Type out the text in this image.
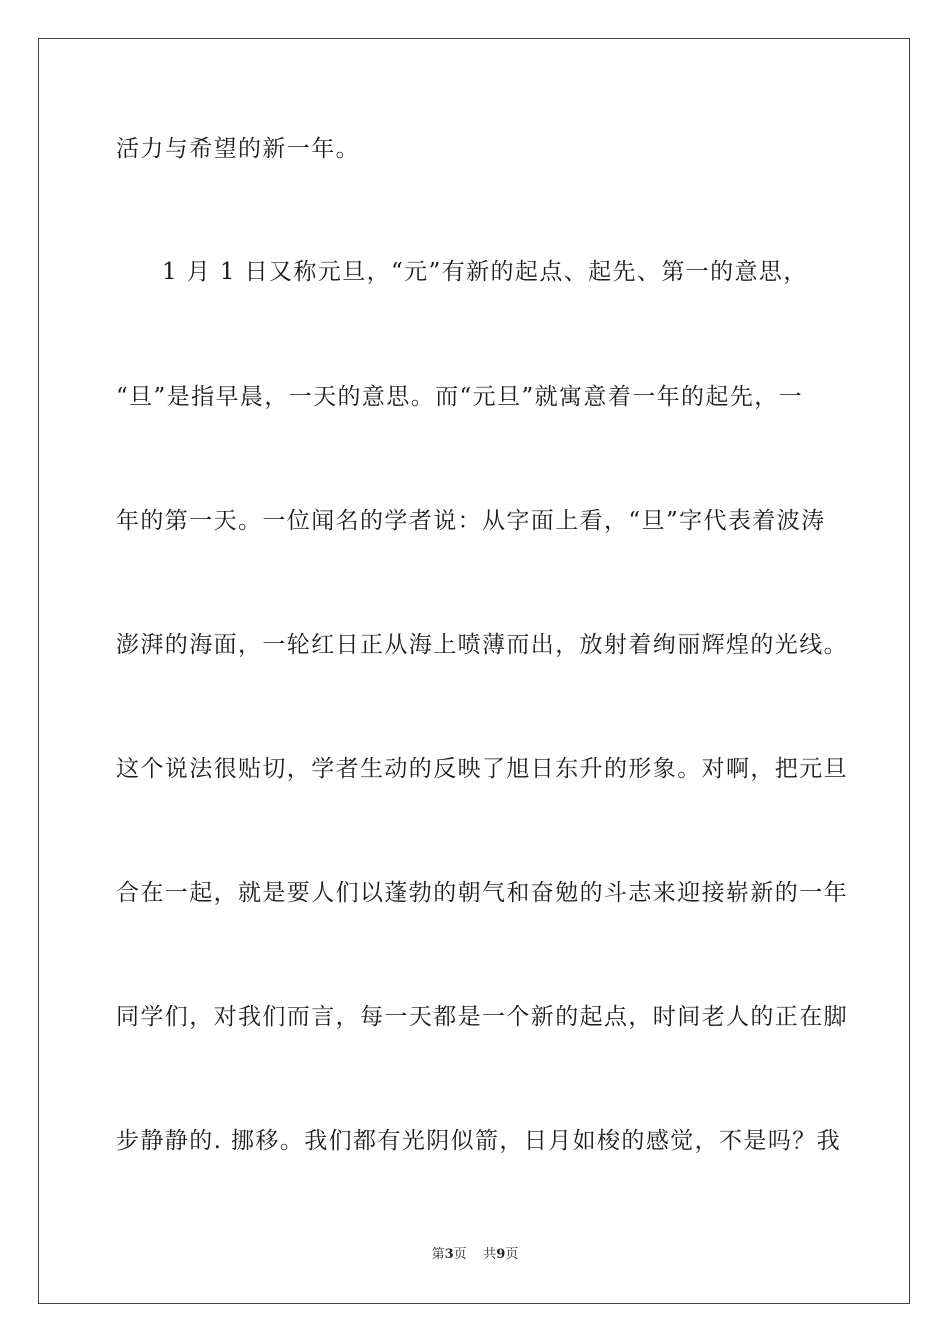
活力与希望的新一年。
1 月 1 日又称元旦，“元”有新的起点、起先、第一的意思，
“旦”是指早晨，一天的意思。而“元旦”就寓意着一年的起先，一
年的第一天。一位闻名的学者说：从字面上看，“旦”字代表着波涛
澎湃的海面，一轮红日正从海上喷薄而出，放射着绚丽辉煌的光线。
这个说法很贴切，学者生动的反映了旭日东升的形象。对啊，把元旦
合在一起，就是要人们以蓬勃的朝气和奋勉的斗志来迎接崭新的一年
同学们，对我们而言，每一天都是一个新的起点，时间老人的正在脚
步静静的. 挪移。我们都有光阴似箭，日月如梭的感觉，不是吗？我
第3页 共9页
